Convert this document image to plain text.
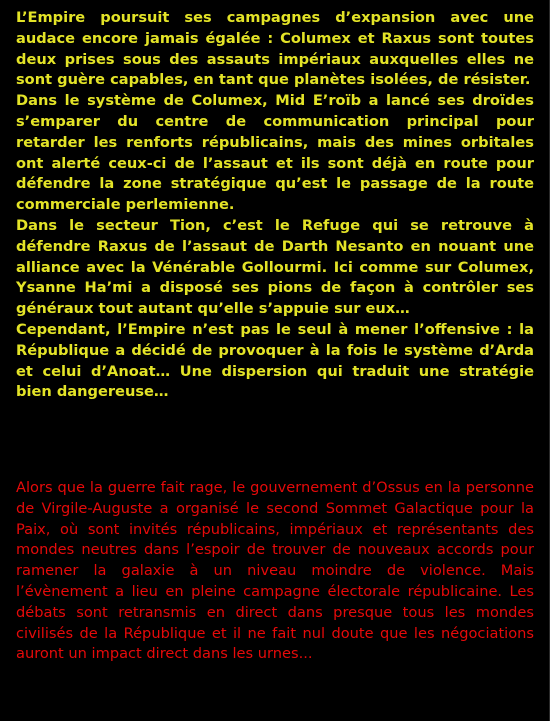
L’Empire poursuit ses campagnes d’expansion avec une audace encore jamais égalée : Columex et Raxus sont toutes deux prises sous des assauts impériaux auxquelles elles ne sont guère capables, en tant que planètes isolées, de résister.

Dans le système de Columex, Mid E’roïb a lancé ses droïdes s’emparer du centre de communication principal pour retarder les renforts républicains, mais des mines orbitales ont alerté ceux-ci de l’assaut et ils sont déjà en route pour défendre la zone stratégique qu’est le passage de la route commerciale perlemienne.

Dans le secteur Tion, c’est le Refuge qui se retrouve à défendre Raxus de l’assaut de Darth Nesanto en nouant une alliance avec la Vénérable Gollourmi. Ici comme sur Columex, Ysanne Ha’mi a disposé ses pions de façon à contrôler ses généraux tout autant qu’elle s’appuie sur eux…

Cependant, l’Empire n’est pas le seul à mener l’offensive : la République a décidé de provoquer à la fois le système d’Arda et celui d’Anoat… Une dispersion qui traduit une stratégie bien dangereuse…

Alors que la guerre fait rage, le gouvernement d’Ossus en la personne de Virgile-Auguste a organisé le second Sommet Galactique pour la Paix, où sont invités républicains, impériaux et représentants des mondes neutres dans l’espoir de trouver de nouveaux accords pour ramener la galaxie à un niveau moindre de violence. Mais l’évènement a lieu en pleine campagne électorale républicaine. Les débats sont retransmis en direct dans presque tous les mondes civilisés de la République et il ne fait nul doute que les négociations auront un impact direct dans les urnes...
